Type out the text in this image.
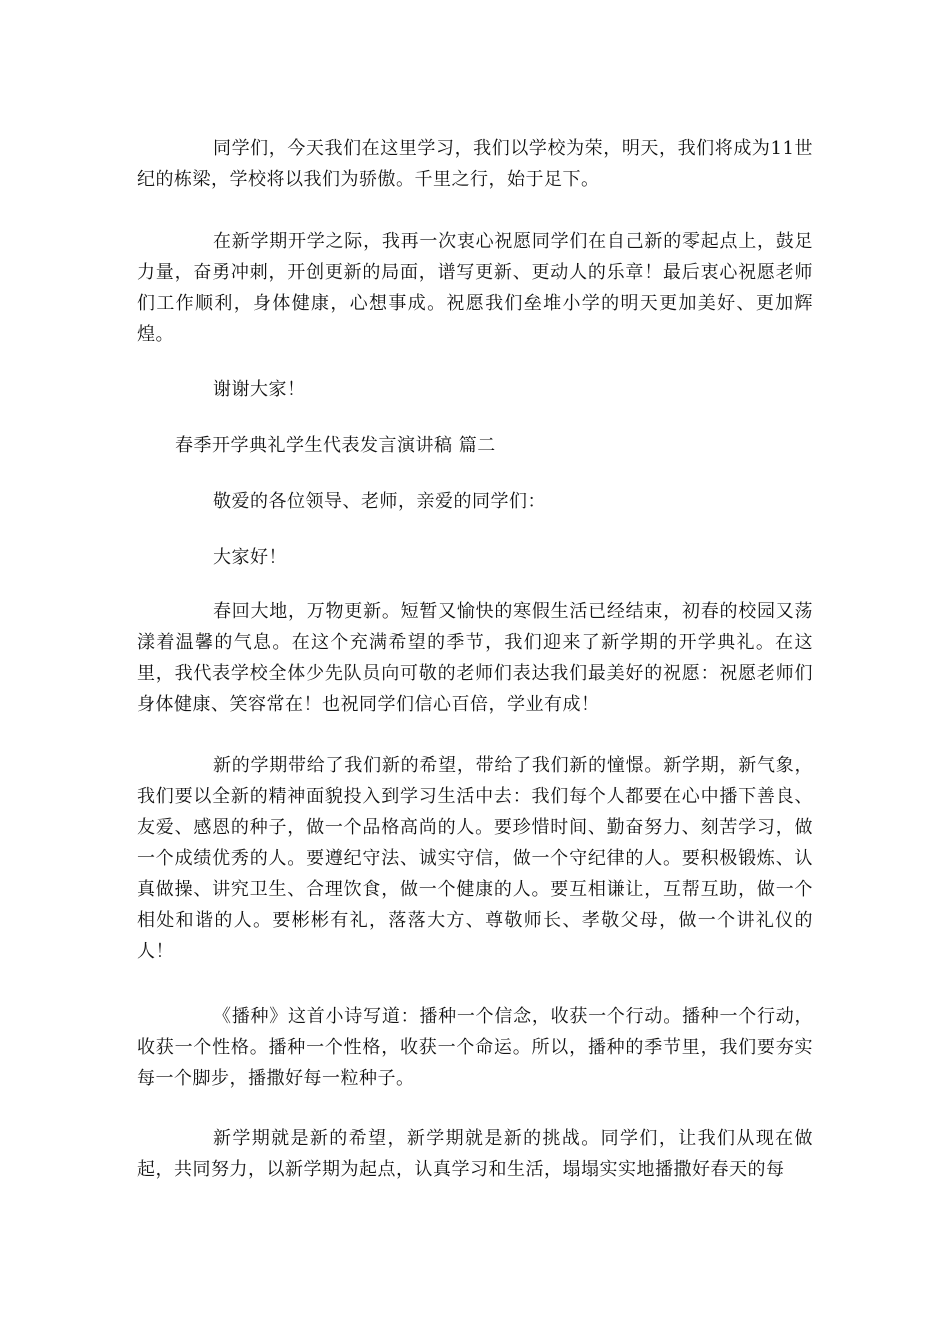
同学们，今天我们在这里学习，我们以学校为荣，明天，我们将成为11世纪的栋梁，学校将以我们为骄傲。千里之行，始于足下。

在新学期开学之际，我再一次衷心祝愿同学们在自己新的零起点上，鼓足力量，奋勇冲刺，开创更新的局面，谱写更新、更动人的乐章！最后衷心祝愿老师们工作顺利，身体健康，心想事成。祝愿我们垒堆小学的明天更加美好、更加辉煌。

谢谢大家！

春季开学典礼学生代表发言演讲稿 篇二

敬爱的各位领导、老师，亲爱的同学们：

大家好！

春回大地，万物更新。短暂又愉快的寒假生活已经结束，初春的校园又荡漾着温馨的气息。在这个充满希望的季节，我们迎来了新学期的开学典礼。在这里，我代表学校全体少先队员向可敬的老师们表达我们最美好的祝愿：祝愿老师们身体健康、笑容常在！也祝同学们信心百倍，学业有成！

新的学期带给了我们新的希望，带给了我们新的憧憬。新学期，新气象，我们要以全新的精神面貌投入到学习生活中去：我们每个人都要在心中播下善良、友爱、感恩的种子，做一个品格高尚的人。要珍惜时间、勤奋努力、刻苦学习，做一个成绩优秀的人。要遵纪守法、诚实守信，做一个守纪律的人。要积极锻炼、认真做操、讲究卫生、合理饮食，做一个健康的人。要互相谦让，互帮互助，做一个相处和谐的人。要彬彬有礼，落落大方、尊敬师长、孝敬父母，做一个讲礼仪的人！

《播种》这首小诗写道：播种一个信念，收获一个行动。播种一个行动，收获一个性格。播种一个性格，收获一个命运。所以，播种的季节里，我们要夯实每一个脚步，播撒好每一粒种子。

新学期就是新的希望，新学期就是新的挑战。同学们，让我们从现在做起，共同努力，以新学期为起点，认真学习和生活，塌塌实实地播撒好春天的每
